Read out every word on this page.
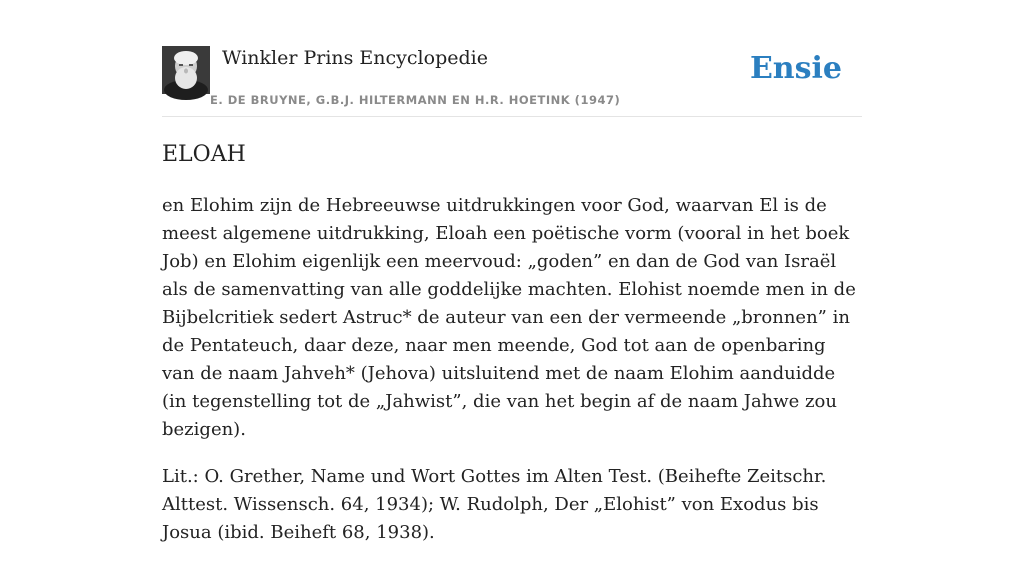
Winkler Prins Encyclopedie
E. DE BRUYNE, G.B.J. HILTERMANN EN H.R. HOETINK (1947)
Ensie
ELOAH

en Elohim zijn de Hebreeuwse uitdrukkingen voor God, waarvan El is de meest algemene uitdrukking, Eloah een poëtische vorm (vooral in het boek Job) en Elohim eigenlijk een meervoud: „goden” en dan de God van Israël als de samenvatting van alle goddelijke machten. Elohist noemde men in de Bijbelcritiek sedert Astruc* de auteur van een der vermeende „bronnen” in de Pentateuch, daar deze, naar men meende, God tot aan de openbaring van de naam Jahveh* (Jehova) uitsluitend met de naam Elohim aanduidde (in tegenstelling tot de „Jahwist”, die van het begin af de naam Jahwe zou bezigen).

Lit.: O. Grether, Name und Wort Gottes im Alten Test. (Beihefte Zeitschr. Alttest. Wissensch. 64, 1934); W. Rudolph, Der „Elohist” von Exodus bis Josua (ibid. Beiheft 68, 1938).
